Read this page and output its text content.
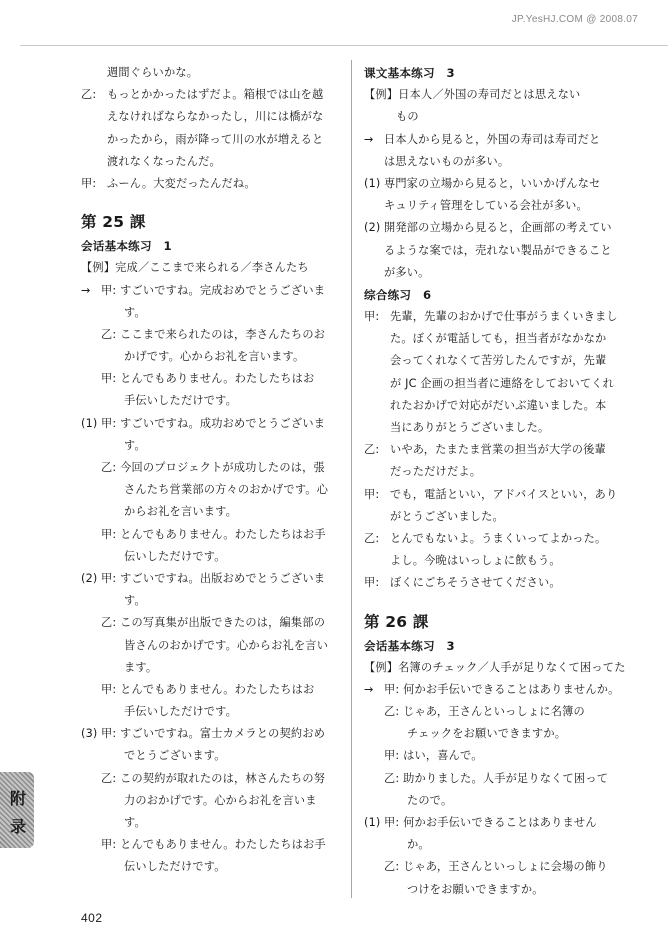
JP.YesHJ.COM @ 2008.07
週間ぐらいかな。
乙: もっとかかったはずだよ。箱根では山を越
えなければならなかったし，川には橋がな
かったから，雨が降って川の水が増えると
渡れなくなったんだ。
甲: ふーん。大変だったんだね。
第 25 課
会话基本练习　1
【例】完成／ここまで来られる／李さんたち
→ 甲: すごいですね。完成おめでとうございま
す。
乙: ここまで来られたのは，李さんたちのお
かげです。心からお礼を言います。
甲: とんでもありません。わたしたちはお
手伝いしただけです。
(1) 甲: すごいですね。成功おめでとうございま
す。
乙: 今回のプロジェクトが成功したのは，張
さんたち営業部の方々のおかげです。心
からお礼を言います。
甲: とんでもありません。わたしたちはお手
伝いしただけです。
(2) 甲: すごいですね。出版おめでとうございま
す。
乙: この写真集が出版できたのは，編集部の
皆さんのおかげです。心からお礼を言い
ます。
甲: とんでもありません。わたしたちはお
手伝いしただけです。
(3) 甲: すごいですね。富士カメラとの契約おめ
でとうございます。
乙: この契約が取れたのは，林さんたちの努
力のおかげです。心からお礼を言いま
す。
甲: とんでもありません。わたしたちはお手
伝いしただけです。
课文基本练习　3
【例】日本人／外国の寿司だとは思えない
もの
→ 日本人から見ると，外国の寿司は寿司だと
は思えないものが多い。
(1) 専門家の立場から見ると，いいかげんなセ
キュリティ管理をしている会社が多い。
(2) 開発部の立場から見ると，企画部の考えてい
るような案では，売れない製品ができること
が多い。
综合练习　6
甲: 先輩，先輩のおかげで仕事がうまくいきまし
た。ぼくが電話しても，担当者がなかなか
会ってくれなくて苦労したんですが，先輩
が JC 企画の担当者に連絡をしておいてくれ
れたおかげで対応がだいぶ違いました。本
当にありがとうございました。
乙: いやあ，たまたま営業の担当が大学の後輩
だっただけだよ。
甲: でも，電話といい，アドバイスといい，あり
がとうございました。
乙: とんでもないよ。うまくいってよかった。
よし。今晩はいっしょに飲もう。
甲: ぼくにごちそうさせてください。
第 26 課
会话基本练习　3
【例】名簿のチェック／人手が足りなくて困ってた
→ 甲: 何かお手伝いできることはありませんか。
乙: じゃあ，王さんといっしょに名簿の
チェックをお願いできますか。
甲: はい，喜んで。
乙: 助かりました。人手が足りなくて困って
たので。
(1) 甲: 何かお手伝いできることはありません
か。
乙: じゃあ，王さんといっしょに会場の飾り
つけをお願いできますか。
附
录
402
